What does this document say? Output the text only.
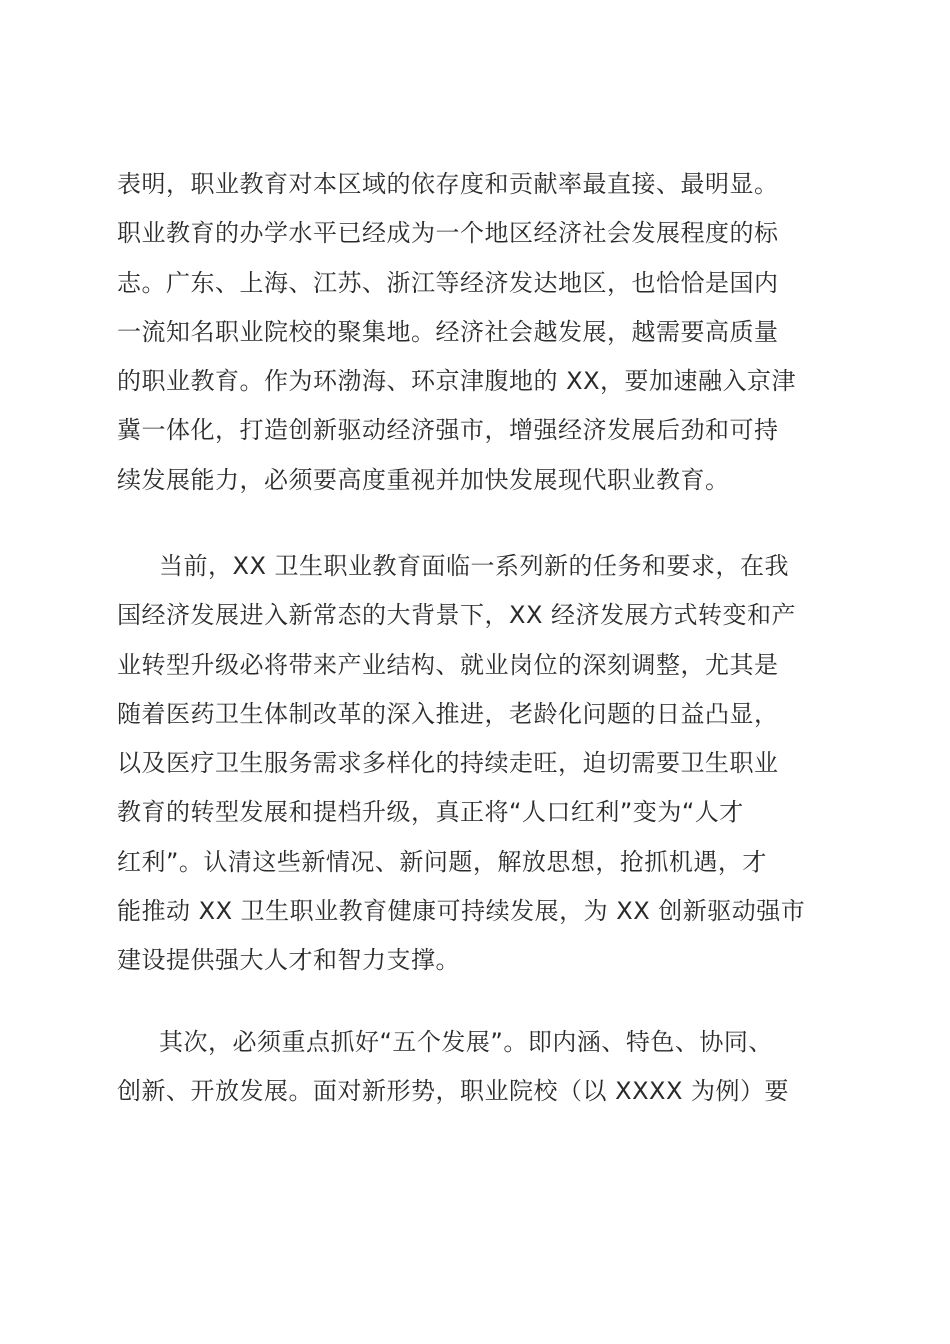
表明，职业教育对本区域的依存度和贡献率最直接、最明显。
职业教育的办学水平已经成为一个地区经济社会发展程度的标
志。广东、上海、江苏、浙江等经济发达地区，也恰恰是国内
一流知名职业院校的聚集地。经济社会越发展，越需要高质量
的职业教育。作为环渤海、环京津腹地的 XX，要加速融入京津
冀一体化，打造创新驱动经济强市，增强经济发展后劲和可持
续发展能力，必须要高度重视并加快发展现代职业教育。
当前，XX 卫生职业教育面临一系列新的任务和要求，在我
国经济发展进入新常态的大背景下，XX 经济发展方式转变和产
业转型升级必将带来产业结构、就业岗位的深刻调整，尤其是
随着医药卫生体制改革的深入推进，老龄化问题的日益凸显，
以及医疗卫生服务需求多样化的持续走旺，迫切需要卫生职业
教育的转型发展和提档升级，真正将“人口红利”变为“人才
红利”。认清这些新情况、新问题，解放思想，抢抓机遇，才
能推动 XX 卫生职业教育健康可持续发展，为 XX 创新驱动强市
建设提供强大人才和智力支撑。
其次，必须重点抓好“五个发展”。即内涵、特色、协同、
创新、开放发展。面对新形势，职业院校（以 XXXX 为例）要
